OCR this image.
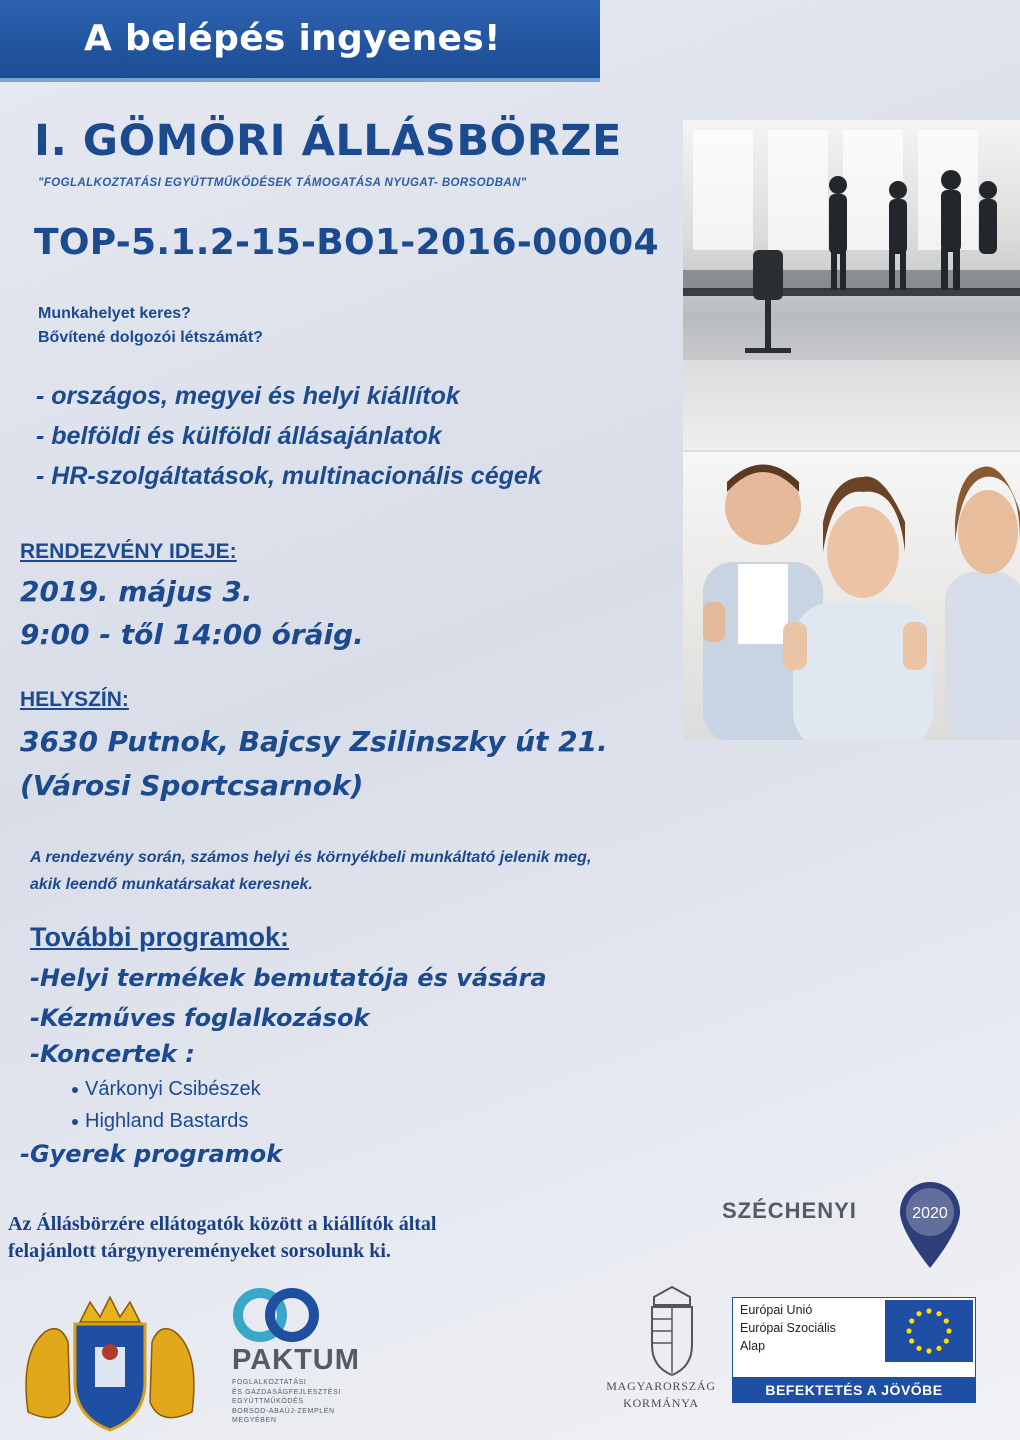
A belépés ingyenes!
I. GÖMÖRI ÁLLÁSBÖRZE
"FOGLALKOZTATÁSI EGYÜTTMŰKÖDÉSEK TÁMOGATÁSA NYUGAT- BORSODBAN"
TOP-5.1.2-15-BO1-2016-00004
Munkahelyet keres?
Bővítené dolgozói létszámát?
- országos, megyei és helyi kiállítok
- belföldi és külföldi állásajánlatok
- HR-szolgáltatások, multinacionális cégek
RENDEZVÉNY IDEJE:
2019. május 3.
9:00 - től 14:00 óráig.
HELYSZÍN:
3630 Putnok, Bajcsy Zsilinszky út 21.
(Városi Sportcsarnok)
A rendezvény során, számos helyi és környékbeli munkáltató jelenik meg,
akik leendő munkatársakat keresnek.
További programok:
-Helyi termékek bemutatója és vására
-Kézműves foglalkozások
-Koncertek :
Várkonyi Csibészek
Highland Bastards
-Gyerek programok
Az Állásbörzére ellátogatók között a kiállítók által
felajánlott tárgynyereményeket sorsolunk ki.
SZÉCHENYI	2020
PAKTUM
FOGLALKOZTATÁSI
ÉS GAZDASÁGFEJLESZTÉSI
EGYÜTTMŰKÖDÉS
BORSOD-ABAÚJ-ZEMPLÉN
MEGYÉBEN
MAGYARORSZÁG
KORMÁNYA
Európai Unió
Európai Szociális
Alap
BEFEKTETÉS A JÖVŐBE
